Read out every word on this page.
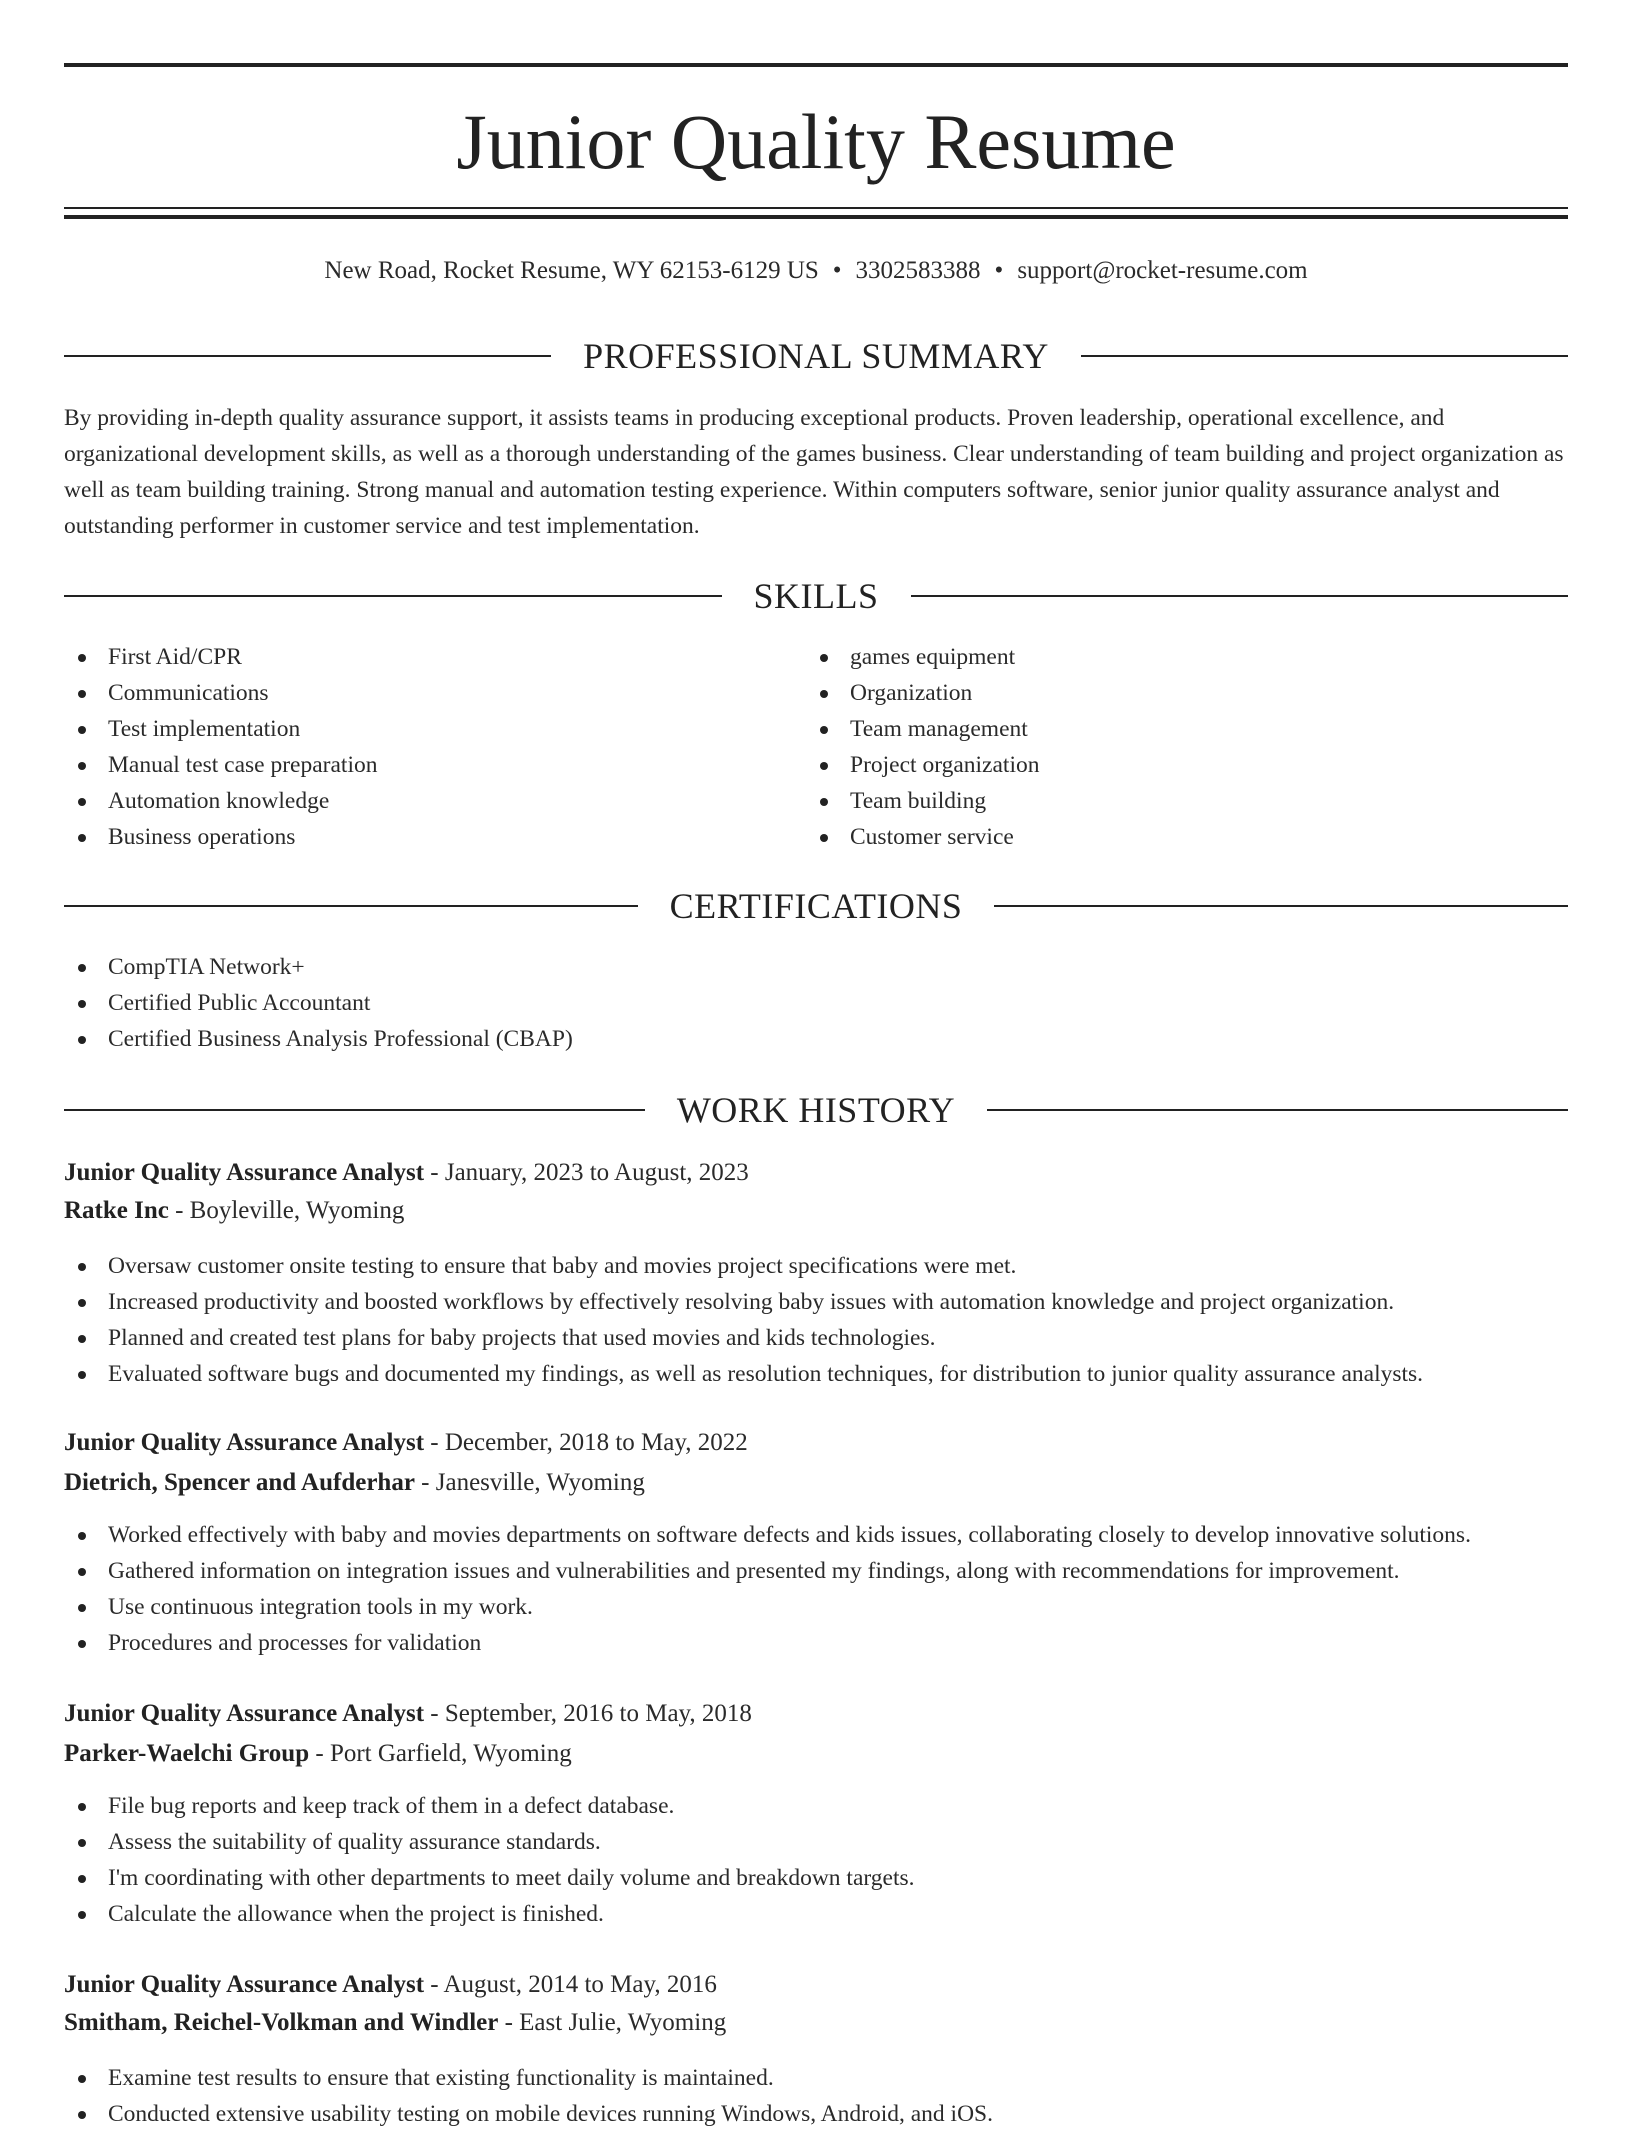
Junior Quality Resume
New Road, Rocket Resume, WY 62153-6129 US • 3302583388 • support@rocket-resume.com
PROFESSIONAL SUMMARY

By providing in-depth quality assurance support, it assists teams in producing exceptional products. Proven leadership, operational excellence, and organizational development skills, as well as a thorough understanding of the games business. Clear understanding of team building and project organization as well as team building training. Strong manual and automation testing experience. Within computers software, senior junior quality assurance analyst and outstanding performer in customer service and test implementation.

SKILLS
First Aid/CPR
Communications
Test implementation
Manual test case preparation
Automation knowledge
Business operations
games equipment
Organization
Team management
Project organization
Team building
Customer service
CERTIFICATIONS
CompTIA Network+
Certified Public Accountant
Certified Business Analysis Professional (CBAP)
WORK HISTORY
Junior Quality Assurance Analyst - January, 2023 to August, 2023
Ratke Inc - Boyleville, Wyoming
Oversaw customer onsite testing to ensure that baby and movies project specifications were met.
Increased productivity and boosted workflows by effectively resolving baby issues with automation knowledge and project organization.
Planned and created test plans for baby projects that used movies and kids technologies.
Evaluated software bugs and documented my findings, as well as resolution techniques, for distribution to junior quality assurance analysts.
Junior Quality Assurance Analyst - December, 2018 to May, 2022
Dietrich, Spencer and Aufderhar - Janesville, Wyoming
Worked effectively with baby and movies departments on software defects and kids issues, collaborating closely to develop innovative solutions.
Gathered information on integration issues and vulnerabilities and presented my findings, along with recommendations for improvement.
Use continuous integration tools in my work.
Procedures and processes for validation
Junior Quality Assurance Analyst - September, 2016 to May, 2018
Parker-Waelchi Group - Port Garfield, Wyoming
File bug reports and keep track of them in a defect database.
Assess the suitability of quality assurance standards.
I'm coordinating with other departments to meet daily volume and breakdown targets.
Calculate the allowance when the project is finished.
Junior Quality Assurance Analyst - August, 2014 to May, 2016
Smitham, Reichel-Volkman and Windler - East Julie, Wyoming
Examine test results to ensure that existing functionality is maintained.
Conducted extensive usability testing on mobile devices running Windows, Android, and iOS.
